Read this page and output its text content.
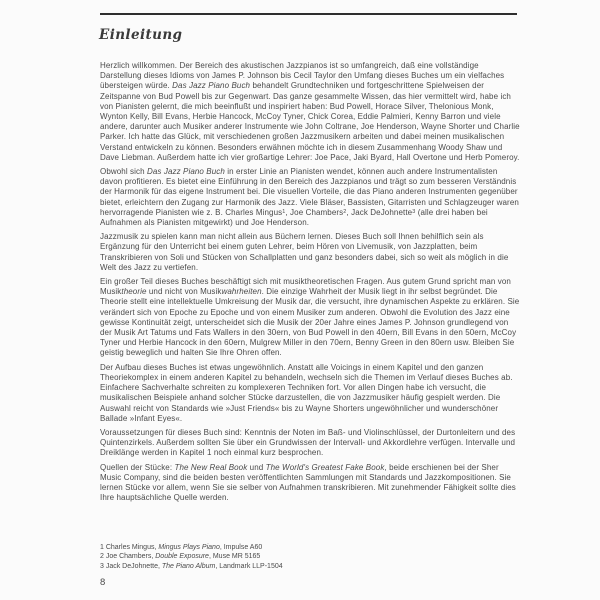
Einleitung

Herzlich willkommen. Der Bereich des akustischen Jazzpianos ist so umfangreich, daß eine vollständige Darstellung dieses Idioms von James P. Johnson bis Cecil Taylor den Umfang dieses Buches um ein vielfaches übersteigen würde. Das Jazz Piano Buch behandelt Grundtechniken und fortgeschrittene Spielweisen der Zeitspanne von Bud Powell bis zur Gegenwart. Das ganze gesammelte Wissen, das hier vermittelt wird, habe ich von Pianisten gelernt, die mich beeinflußt und inspiriert haben: Bud Powell, Horace Silver, Thelonious Monk, Wynton Kelly, Bill Evans, Herbie Hancock, McCoy Tyner, Chick Corea, Eddie Palmieri, Kenny Barron und viele andere, darunter auch Musiker anderer Instrumente wie John Coltrane, Joe Henderson, Wayne Shorter und Charlie Parker. Ich hatte das Glück, mit verschiedenen großen Jazzmusikern arbeiten und dabei meinen musikalischen Verstand entwickeln zu können. Besonders erwähnen möchte ich in diesem Zusammenhang Woody Shaw und Dave Liebman. Außerdem hatte ich vier großartige Lehrer: Joe Pace, Jaki Byard, Hall Overtone und Herb Pomeroy.

Obwohl sich Das Jazz Piano Buch in erster Linie an Pianisten wendet, können auch andere Instrumentalisten davon profitieren. Es bietet eine Einführung in den Bereich des Jazzpianos und trägt so zum besseren Verständnis der Harmonik für das eigene Instrument bei. Die visuellen Vorteile, die das Piano anderen Instrumenten gegenüber bietet, erleichtern den Zugang zur Harmonik des Jazz. Viele Bläser, Bassisten, Gitarristen und Schlagzeuger waren hervorragende Pianisten wie z. B. Charles Mingus$^1$, Joe Chambers$^2$, Jack DeJohnette$^3$ (alle drei haben bei Aufnahmen als Pianisten mitgewirkt) und Joe Henderson.

Jazzmusik zu spielen kann man nicht allein aus Büchern lernen. Dieses Buch soll Ihnen behilflich sein als Ergänzung für den Unterricht bei einem guten Lehrer, beim Hören von Livemusik, von Jazzplatten, beim Transkribieren von Soli und Stücken von Schallplatten und ganz besonders dabei, sich so weit als möglich in die Welt des Jazz zu vertiefen.

Ein großer Teil dieses Buches beschäftigt sich mit musiktheoretischen Fragen. Aus gutem Grund spricht man von Musiktheorie und nicht von Musikwahrheiten. Die einzige Wahrheit der Musik liegt in ihr selbst begründet. Die Theorie stellt eine intellektuelle Umkreisung der Musik dar, die versucht, ihre dynamischen Aspekte zu erklären. Sie verändert sich von Epoche zu Epoche und von einem Musiker zum anderen. Obwohl die Evolution des Jazz eine gewisse Kontinuität zeigt, unterscheidet sich die Musik der 20er Jahre eines James P. Johnson grundlegend von der Musik Art Tatums und Fats Wallers in den 30ern, von Bud Powell in den 40ern, Bill Evans in den 50ern, McCoy Tyner und Herbie Hancock in den 60ern, Mulgrew Miller in den 70ern, Benny Green in den 80ern usw. Bleiben Sie geistig beweglich und halten Sie Ihre Ohren offen.

Der Aufbau dieses Buches ist etwas ungewöhnlich. Anstatt alle Voicings in einem Kapitel und den ganzen Theoriekomplex in einem anderen Kapitel zu behandeln, wechseln sich die Themen im Verlauf dieses Buches ab. Einfachere Sachverhalte schreiten zu komplexeren Techniken fort. Vor allen Dingen habe ich versucht, die musikalischen Beispiele anhand solcher Stücke darzustellen, die von Jazzmusiker häufig gespielt werden. Die Auswahl reicht von Standards wie »Just Friends« bis zu Wayne Shorters ungewöhnlicher und wunderschöner Ballade »Infant Eyes«.

Voraussetzungen für dieses Buch sind: Kenntnis der Noten im Baß- und Violinschlüssel, der Durtonleitern und des Quintenzirkels. Außerdem sollten Sie über ein Grundwissen der Intervall- und Akkordlehre verfügen. Intervalle und Dreiklänge werden in Kapitel 1 noch einmal kurz besprochen.

Quellen der Stücke: The New Real Book und The World's Greatest Fake Book, beide erschienen bei der Sher Music Company, sind die beiden besten veröffentlichten Sammlungen mit Standards und Jazzkompositionen. Sie lernen Stücke vor allem, wenn Sie sie selber von Aufnahmen transkribieren. Mit zunehmender Fähigkeit sollte dies Ihre hauptsächliche Quelle werden.

1 Charles Mingus, Mingus Plays Piano, Impulse A60
2 Joe Chambers, Double Exposure, Muse MR 5165
3 Jack DeJohnette, The Piano Album, Landmark LLP-1504
8
